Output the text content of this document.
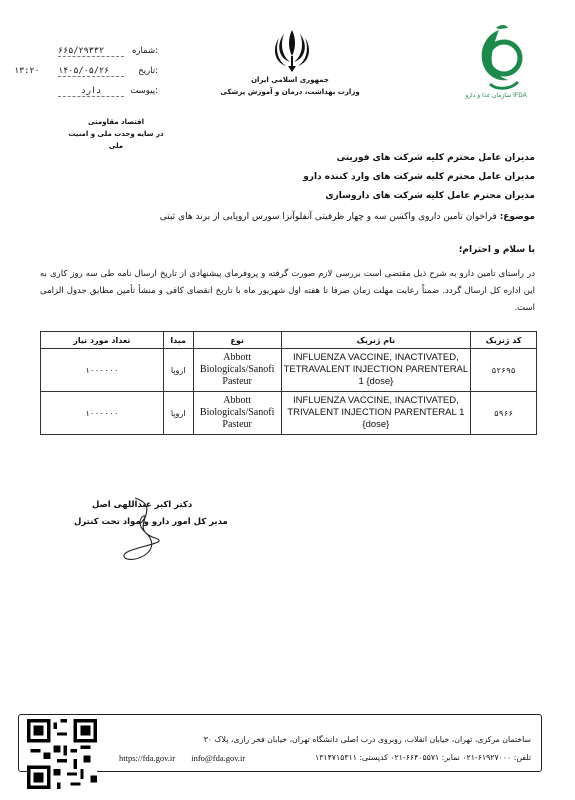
۶۶۵/۲۹۳۳۲	شماره:
۱۳:۲۰ ۱۴۰۵/۰۵/۲۶	تاریخ:
دارد	پیوست:
اقتصاد مقاومتی
در سایه وحدت ملی و امنیت ملی
جمهوری اسلامی ایران
وزارت بهداشت، درمان و آموزش پزشکی	سازمان غذا و دارو IFDA
مدیران عامل محترم کلیه شرکت های فوریتی
مدیران عامل محترم کلیه شرکت های وارد کننده دارو
مدیران محترم عامل کلیه شرکت های داروسازی
موضوع: فراخوان تامین داروی واکسن سه و چهار ظرفیتی آنفلوآنزا سورس اروپایی از برند های ثبتی
با سلام و احترام؛
در راستای تامین دارو به شرح ذیل مقتضی است بررسی لازم صورت گرفته و پروفرمای پیشنهادی از تاریخ ارسال نامه طی سه روز کاری به این اداره کل ارسال گردد. ضمناً رعایت مهلت زمان صرفا تا هفته اول شهریور ماه با تاریخ انقضای کافی و منشأ تأمین مطابق جدول الزامی است.
کد ژنریک	نام ژنریک	نوع	مبدا	تعداد مورد نیاز
۵۲۶۹۵	INFLUENZA VACCINE, INACTIVATED, TETRAVALENT INJECTION PARENTERAL 1 {dose}	Abbott Biologicals/Sanofi Pasteur	اروپا	۱۰۰۰۰۰۰
۵۹۶۶	INFLUENZA VACCINE, INACTIVATED, TRIVALENT INJECTION PARENTERAL 1 {dose}	Abbott Biologicals/Sanofi Pasteur	اروپا	۱۰۰۰۰۰۰
دکتر اکبر عبداللهی اصل
مدیر کل امور دارو و مواد تحت کنترل
ساختمان مرکزی، تهران، خیابان انقلاب، روبروی درب اصلی دانشگاه تهران، خیابان فخر رازی، پلاک ۳۰
تلفن: ۶۱۹۲۷۰۰۰-۰۲۱ نمابر: ۶۶۴۰۵۵۷۱-۰۲۱ کدپستی: ۱۳۱۴۷۱۵۳۱۱
https://fda.gov.ir info@fda.gov.ir
